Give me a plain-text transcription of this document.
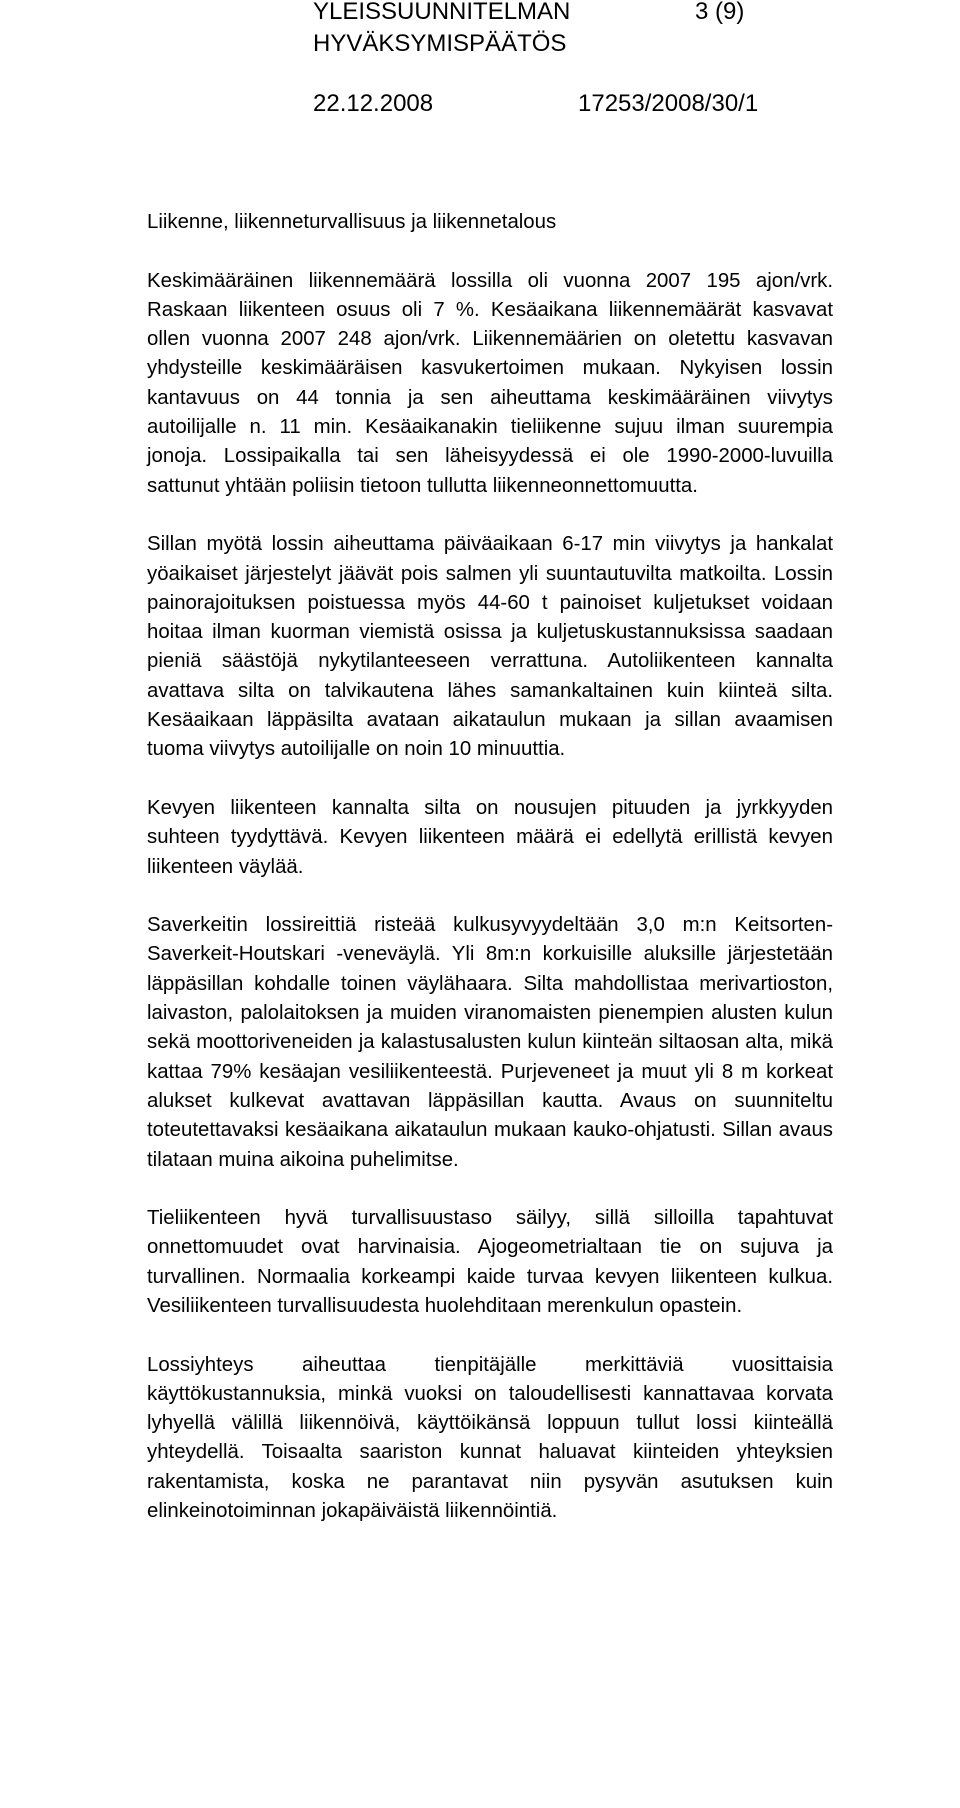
YLEISSUUNNITELMAN	3 (9)
HYVÄKSYMISPÄÄTÖS
22.12.2008	17253/2008/30/1

Liikenne, liikenneturvallisuus ja liikennetalous

Keskimääräinen liikennemäärä lossilla oli vuonna 2007 195 ajon/vrk. Raskaan liikenteen osuus oli 7 %. Kesäaikana liikennemäärät kasvavat ollen vuonna 2007 248 ajon/vrk. Liikennemäärien on oletettu kasvavan yhdysteille keskimääräisen kasvukertoimen mukaan. Nykyisen lossin kantavuus on 44 tonnia ja sen aiheuttama keskimääräinen viivytys autoilijalle n. 11 min. Kesäaikanakin tieliikenne sujuu ilman suurempia jonoja. Lossipaikalla tai sen läheisyydessä ei ole 1990-2000-luvuilla sattunut yhtään poliisin tietoon tullutta liikenneonnettomuutta.

Sillan myötä lossin aiheuttama päiväaikaan 6-17 min viivytys ja hankalat yöaikaiset järjestelyt jäävät pois salmen yli suuntautuvilta matkoilta. Lossin painorajoituksen poistuessa myös 44-60 t painoiset kuljetukset voidaan hoitaa ilman kuorman viemistä osissa ja kuljetuskustannuksissa saadaan pieniä säästöjä nykytilanteeseen verrattuna. Autoliikenteen kannalta avattava silta on talvikautena lähes samankaltainen kuin kiinteä silta. Kesäaikaan läppäsilta avataan aikataulun mukaan ja sillan avaamisen tuoma viivytys autoilijalle on noin 10 minuuttia.

Kevyen liikenteen kannalta silta on nousujen pituuden ja jyrkkyyden suhteen tyydyttävä. Kevyen liikenteen määrä ei edellytä erillistä kevyen liikenteen väylää.

Saverkeitin lossireittiä risteää kulkusyvyydeltään 3,0 m:n Keitsorten-Saverkeit-Houtskari -veneväylä. Yli 8m:n korkuisille aluksille järjestetään läppäsillan kohdalle toinen väylähaara. Silta mahdollistaa merivartioston, laivaston, palolaitoksen ja muiden viranomaisten pienempien alusten kulun sekä moottoriveneiden ja kalastusalusten kulun kiinteän siltaosan alta, mikä kattaa 79% kesäajan vesiliikenteestä. Purjeveneet ja muut yli 8 m korkeat alukset kulkevat avattavan läppäsillan kautta. Avaus on suunniteltu toteutettavaksi kesäaikana aikataulun mukaan kauko-ohjatusti. Sillan avaus tilataan muina aikoina puhelimitse.

Tieliikenteen hyvä turvallisuustaso säilyy, sillä silloilla tapahtuvat onnettomuudet ovat harvinaisia. Ajogeometrialtaan tie on sujuva ja turvallinen. Normaalia korkeampi kaide turvaa kevyen liikenteen kulkua. Vesiliikenteen turvallisuudesta huolehditaan merenkulun opastein.

Lossiyhteys aiheuttaa tienpitäjälle merkittäviä vuosittaisia käyttökustannuksia, minkä vuoksi on taloudellisesti kannattavaa korvata lyhyellä välillä liikennöivä, käyttöikänsä loppuun tullut lossi kiinteällä yhteydellä. Toisaalta saariston kunnat haluavat kiinteiden yhteyksien rakentamista, koska ne parantavat niin pysyvän asutuksen kuin elinkeinotoiminnan jokapäiväistä liikennöintiä.
